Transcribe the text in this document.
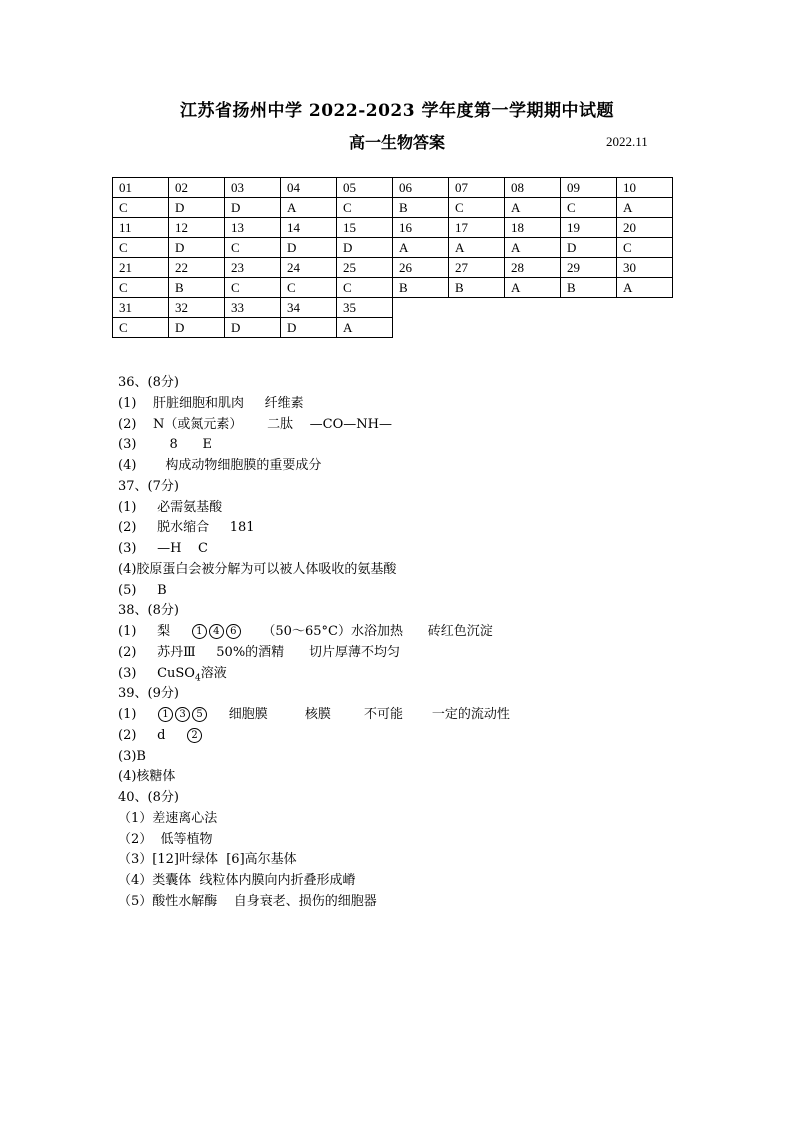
江苏省扬州中学 2022-2023 学年度第一学期期中试题
高一生物答案	2022.11
01	02	03	04	05	06	07	08	09	10
C	D	D	A	C	B	C	A	C	A
11	12	13	14	15	16	17	18	19	20
C	D	C	D	D	A	A	A	D	C
21	22	23	24	25	26	27	28	29	30
C	B	C	C	C	B	B	A	B	A
31	32	33	34	35					
C	D	D	D	A					
36、(8分)
(1)    肝脏细胞和肌肉     纤维素
(2)    N（或氮元素）      二肽    —CO—NH—
(3)        8      E
(4)       构成动物细胞膜的重要成分
37、(7分)
(1)     必需氨基酸
(2)     脱水缩合     181
(3)     —H    C
(4)胶原蛋白会被分解为可以被人体吸收的氨基酸
(5)     B
38、(8分)
(1)     梨     1 4 6     （50～65°C）水浴加热      砖红色沉淀
(2)     苏丹Ⅲ     50%的酒精      切片厚薄不均匀
(3)     CuSO$_4$溶液
39、(9分)
(1)     1 3 5     细胞膜         核膜        不可能       一定的流动性
(2)     d     2
(3)B
(4)核糖体
40、(8分)
（1）差速离心法
（2）  低等植物
（3）[12]叶绿体  [6]高尔基体
（4）类囊体  线粒体内膜向内折叠形成嵴
（5）酸性水解酶    自身衰老、损伤的细胞器
